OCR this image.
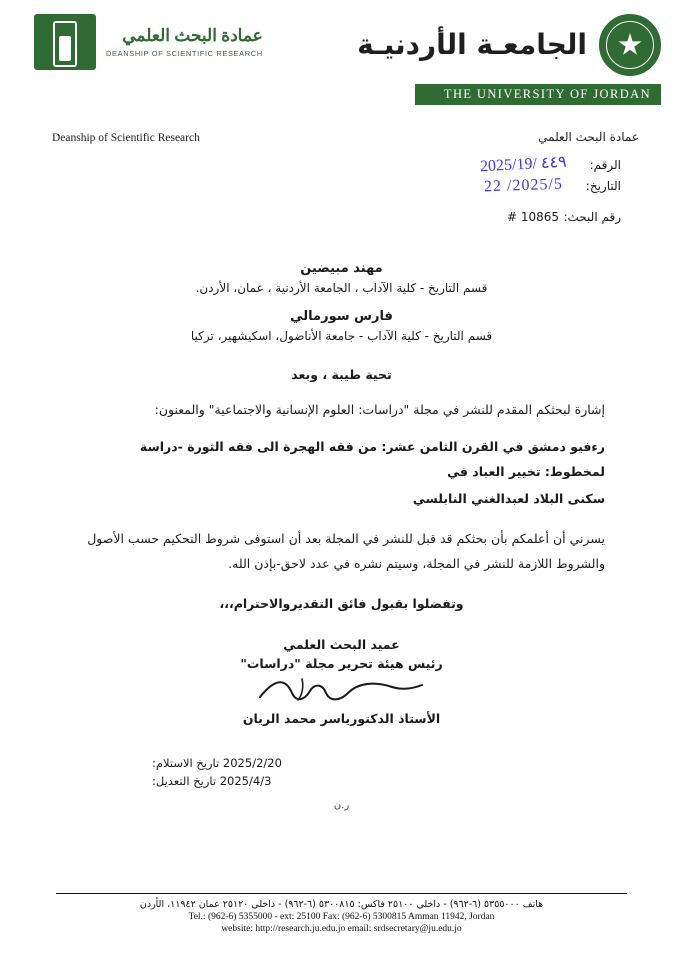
عمادة البحث العلمي
DEANSHIP OF SCIENTIFIC RESEARCH	الجامعـة الأردنيـة
THE UNIVERSITY OF JORDAN
Deanship of Scientific Research	عمادة البحث العلمي
الرقم:
٤٤٩ /2025/19
التاريخ:
2025/5/ 22
رقم البحث:
# 10865
مهند مبيضين
قسم التاريخ - كلية الآداب ، الجامعة الأردنية ، عمان، الأردن.
فارس سورمالي
قسم التاريخ - كلية الآداب - جامعة الأناضول، اسكيشهير، تركيا
تحية طيبة ، وبعد
إشارة لبحثكم المقدم للنشر في مجلة "دراسات: العلوم الإنسانية والاجتماعية" والمعنون:
رءفيو دمشق في القرن الثامن عشر: من فقه الهجرة الى فقه الثورة -دراسة لمخطوط: تخيير العباد في
سكنى البلاد لعبدالغني النابلسي
يسرني أن أعلمكم بأن بحثكم قد قبل للنشر في المجلة بعد أن استوفى شروط التحكيم حسب الأصول والشروط اللازمة للنشر في المجلة، وسيتم نشره في عدد لاحق-بإذن الله.
وتفضلوا بقبول فائق التقديروالاحترام،،،
عميد البحث العلمي
رئيس هيئة تحرير مجلة "دراسات"
الأستاذ الدكتورياسر محمد الريان
2025/2/20 تاريخ الاستلام:
2025/4/3 تاريخ التعديل:
ر.ن
هاتف ٥٣٥٥٠٠٠ (٦-٩٦٢) - داخلي ٢٥١٠٠ فاكس: ٥٣٠٠٨١٥ (٦-٩٦٢) - داخلي ٢٥١٢٠ عمان ١١٩٤٢، الأردن
Tel.: (962-6) 5355000 - ext: 25100 Fax: (962-6) 5300815 Amman 11942, Jordan
website: http://research.ju.edu.jo email: srdsecretary@ju.edu.jo
